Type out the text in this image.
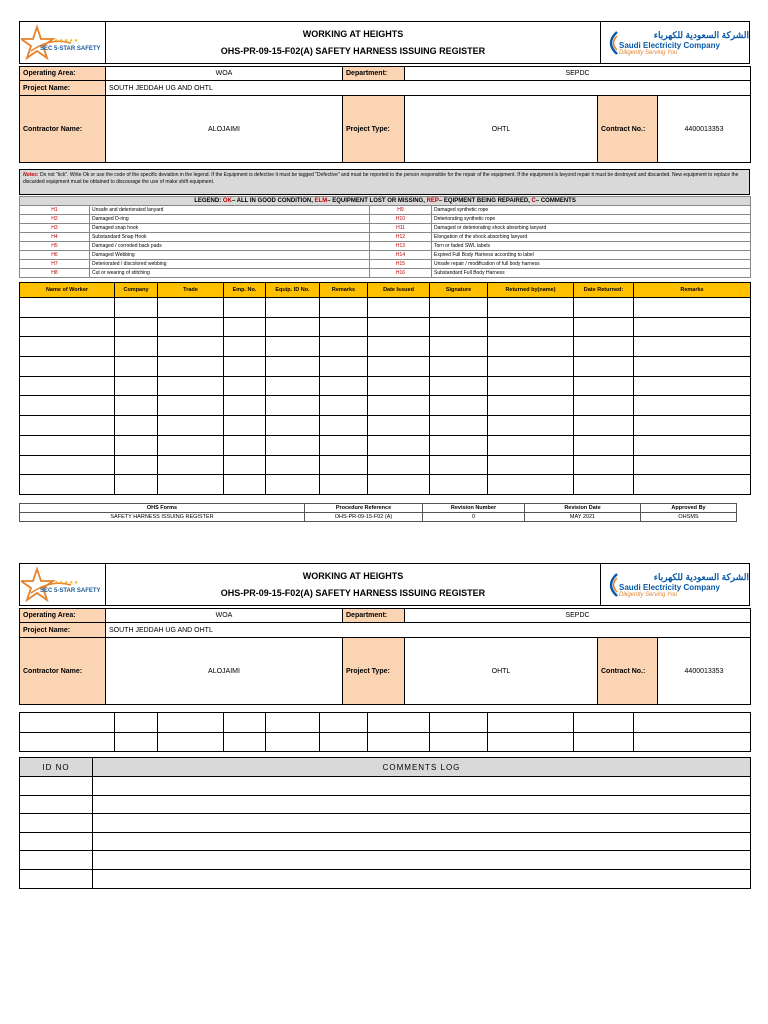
★★★★★
SEC 5-STAR SAFETY
WORKING AT HEIGHTS
OHS-PR-09-15-F02(A) SAFETY HARNESS ISSUING REGISTER
الشركة السعودية للكهرباء
Saudi Electricity Company
Diligently Serving You
Operating Area:	WOA	Department:	SEPDC		
Project Name:	SOUTH JEDDAH UG AND OHTL				
Contractor Name:	ALOJAIMI	Project Type:	OHTL	Contract No.:	4400013353
Notes: Do not "tick". Write Ok or use the code of the specific deviation in the legend. If the Equipment is defective it must be tagged "Defective" and must be reported to the person responsible for the repair of the equipment. If the equipment is beyond repair it must be destroyed and discarded. New equipment to replace the discarded equipment must be obtained to discourage the use of make shift equipment.
LEGEND: OK– ALL IN GOOD CONDITION, ELM– EQUIPMENT LOST OR MISSING, REP– EQIPMENT BEING REPAIRED, C– COMMENTS			
H1	Unsafe and deteriorated lanyard	H9	Damaged synthetic rope
H2	Damaged D-ring	H10	Deteriorating synthetic rope
H3	Damaged snap hook	H11	Damaged or deteriorating shock absorbing lanyard
H4	Substandard Snap Hook	H12	Elongation of the shock absorbing lanyard
H5	Damaged / corroded back pads	H13	Torn or faded SWL labels
H6	Damaged Webbing	H14	Expired Full Body Harness according to label
H7	Deteriorated / discolored webbing	H15	Unsafe repair / modification of full body harness
H8	Cut or wearing of stitching	H16	Substandard Full Body Harness
Name of Worker	Company	Trade	Emp. No.	Equip. ID No.	Remarks	Date Issued	Signature	Returned by(name)	Date Returned:	Remarks

OHS Forms	Procedure Reference	Revision Number	Revision Date	Approved By
SAFETY HARNESS ISSUING REGISTER	OHS-PR-09-15-F02 (A)	0	MAY 2021	OHSMS
★★★★★
SEC 5-STAR SAFETY
WORKING AT HEIGHTS
OHS-PR-09-15-F02(A) SAFETY HARNESS ISSUING REGISTER
الشركة السعودية للكهرباء
Saudi Electricity Company
Diligently Serving You
Operating Area:	WOA	Department:	SEPDC		
Project Name:	SOUTH JEDDAH UG AND OHTL				
Contractor Name:	ALOJAIMI	Project Type:	OHTL	Contract No.:	4400013353

ID NO	COMMENTS LOG
